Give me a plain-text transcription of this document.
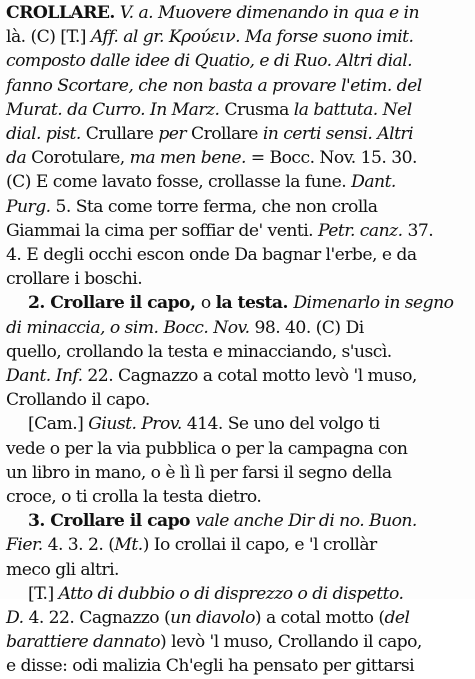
CROLLARE. V. a. Muovere dimenando in qua e in
là. (C) [T.] Aff. al gr. Κρούειν. Ma forse suono imit.
composto dalle idee di Quatio, e di Ruo. Altri dial.
fanno Scortare, che non basta a provare l'etim. del
Murat. da Curro. In Marz. Crusma la battuta. Nel
dial. pist. Crullare per Crollare in certi sensi. Altri
da Corotulare, ma men bene. = Bocc. Nov. 15. 30.
(C) E come lavato fosse, crollasse la fune. Dant.
Purg. 5. Sta come torre ferma, che non crolla
Giammai la cima per soffiar de' venti. Petr. canz. 37.
4. E degli occhi escon onde Da bagnar l'erbe, e da
crollare i boschi.
2. Crollare il capo, o la testa. Dimenarlo in segno
di minaccia, o sim. Bocc. Nov. 98. 40. (C) Di
quello, crollando la testa e minacciando, s'uscì.
Dant. Inf. 22. Cagnazzo a cotal motto levò 'l muso,
Crollando il capo.
[Cam.] Giust. Prov. 414. Se uno del volgo ti
vede o per la via pubblica o per la campagna con
un libro in mano, o è lì lì per farsi il segno della
croce, o ti crolla la testa dietro.
3. Crollare il capo vale anche Dir di no. Buon.
Fier. 4. 3. 2. (Mt.) Io crollai il capo, e 'l crollàr
meco gli altri.
[T.] Atto di dubbio o di disprezzo o di dispetto.
D. 4. 22. Cagnazzo (un diavolo) a cotal motto (del
barattiere dannato) levò 'l muso, Crollando il capo,
e disse: odi malizia Ch'egli ha pensato per gittarsi
